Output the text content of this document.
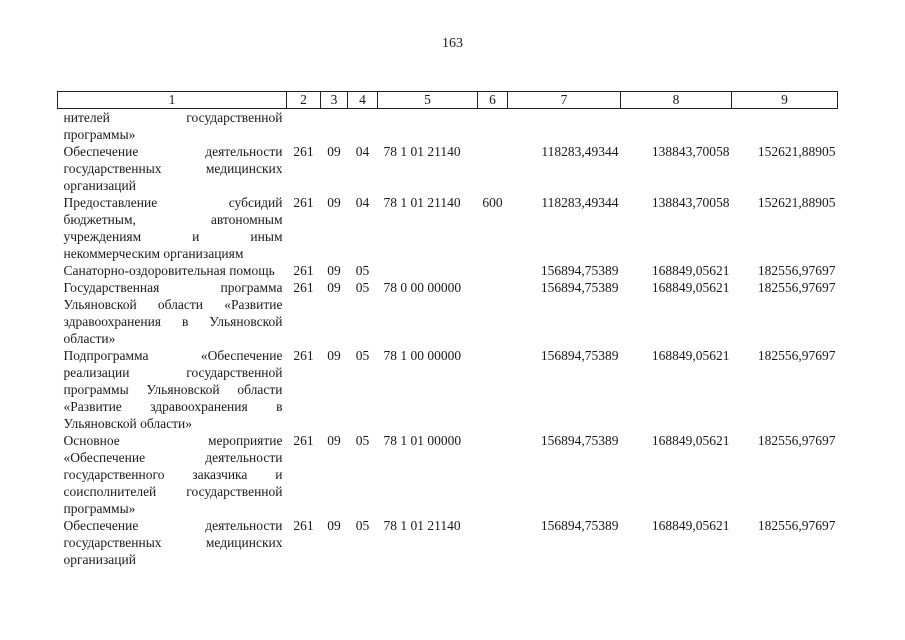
163
1	2	3	4	5	6	7	8	9
нителей государственной программы»								
Обеспечение деятельности государственных медицинских организаций	261	09	04	78 1 01 21140		118283,49344	138843,70058	152621,88905
Предоставление субсидий бюджетным, автономным учреждениям и иным некоммерческим организациям	261	09	04	78 1 01 21140	600	118283,49344	138843,70058	152621,88905
Санаторно-оздоровительная помощь	261	09	05			156894,75389	168849,05621	182556,97697
Государственная программа Ульяновской области «Развитие здравоохранения в Ульяновской области»	261	09	05	78 0 00 00000		156894,75389	168849,05621	182556,97697
Подпрограмма «Обеспечение реализации государственной программы Ульяновской области «Развитие здравоохранения в Ульяновской области»	261	09	05	78 1 00 00000		156894,75389	168849,05621	182556,97697
Основное мероприятие «Обеспечение деятельности государственного заказчика и соисполнителей государственной программы»	261	09	05	78 1 01 00000		156894,75389	168849,05621	182556,97697
Обеспечение деятельности государственных медицинских организаций	261	09	05	78 1 01 21140		156894,75389	168849,05621	182556,97697
